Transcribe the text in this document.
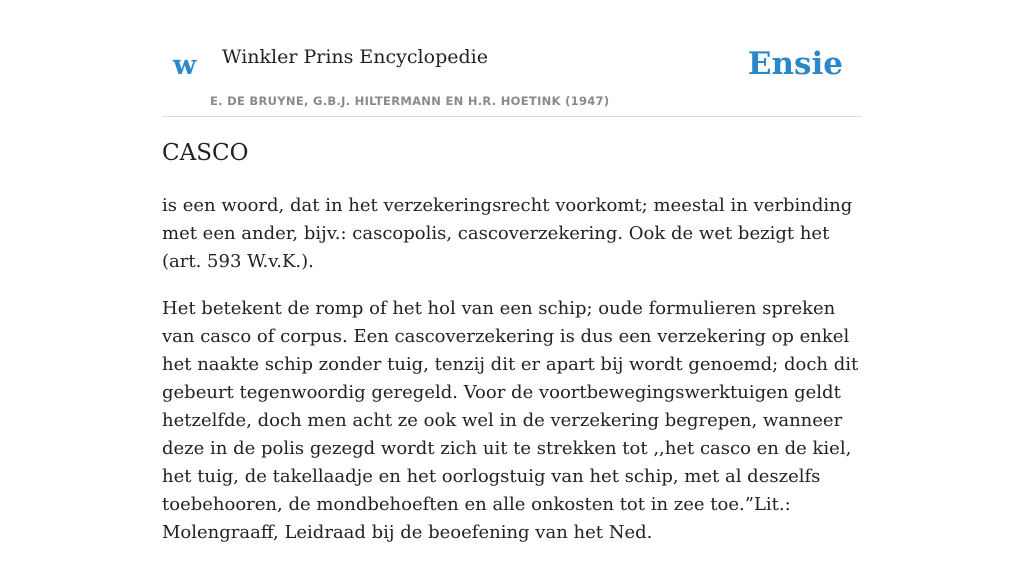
w Winkler Prins Encyclopedie
E. DE BRUYNE, G.B.J. HILTERMANN EN H.R. HOETINK (1947)
Ensie
CASCO

is een woord, dat in het verzekeringsrecht voorkomt; meestal in verbinding met een ander, bijv.: cascopolis, cascoverzekering. Ook de wet bezigt het (art. 593 W.v.K.).

Het betekent de romp of het hol van een schip; oude formulieren spreken van casco of corpus. Een cascoverzekering is dus een verzekering op enkel het naakte schip zonder tuig, tenzij dit er apart bij wordt genoemd; doch dit gebeurt tegenwoordig geregeld. Voor de voortbewegingswerktuigen geldt hetzelfde, doch men acht ze ook wel in de verzekering begrepen, wanneer deze in de polis gezegd wordt zich uit te strekken tot ,,het casco en de kiel, het tuig, de takellaadje en het oorlogstuig van het schip, met al deszelfs toebehooren, de mondbehoeften en alle onkosten tot in zee toe.”Lit.: Molengraaff, Leidraad bij de beoefening van het Ned.
